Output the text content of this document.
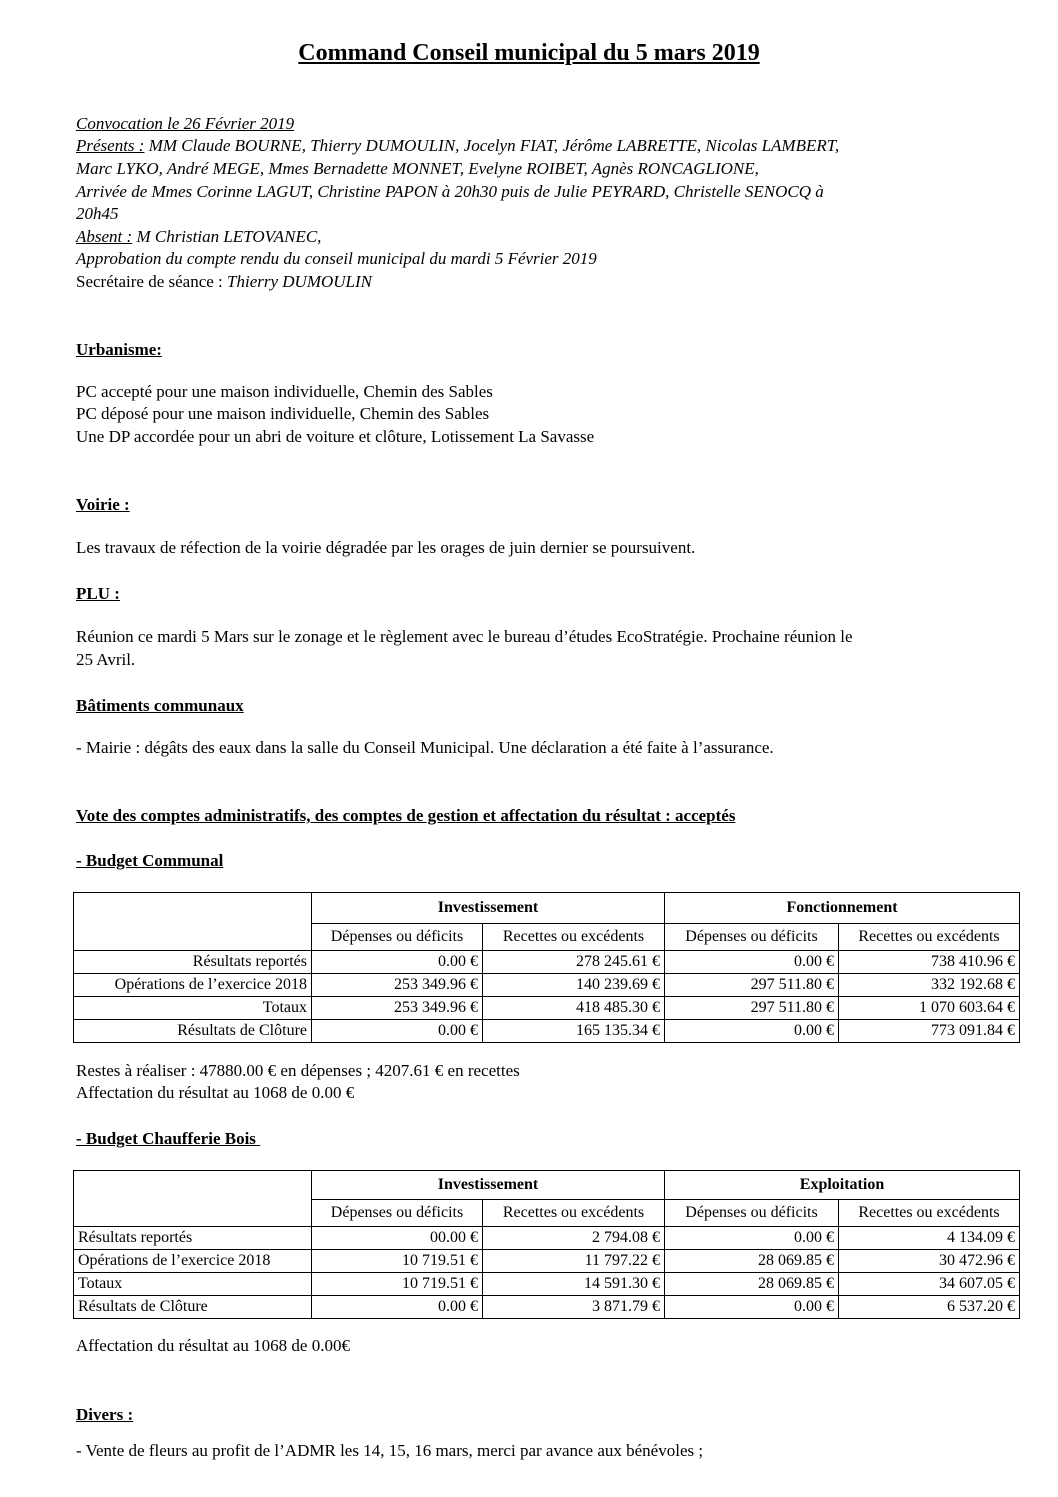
Command Conseil municipal du 5 mars 2019
Convocation le 26 Février 2019
Présents : MM Claude BOURNE, Thierry DUMOULIN, Jocelyn FIAT, Jérôme LABRETTE, Nicolas LAMBERT,
Marc LYKO, André MEGE, Mmes Bernadette MONNET, Evelyne ROIBET, Agnès RONCAGLIONE,
Arrivée de Mmes Corinne LAGUT, Christine PAPON à 20h30 puis de Julie PEYRARD, Christelle SENOCQ à
20h45
Absent : M Christian LETOVANEC,
Approbation du compte rendu du conseil municipal du mardi 5 Février 2019
Secrétaire de séance : Thierry DUMOULIN
Urbanisme:
PC accepté pour une maison individuelle, Chemin des Sables
PC déposé pour une maison individuelle, Chemin des Sables
Une DP accordée pour un abri de voiture et clôture, Lotissement La Savasse
Voirie :
Les travaux de réfection de la voirie dégradée par les orages de juin dernier se poursuivent.
PLU :
Réunion ce mardi 5 Mars sur le zonage et le règlement avec le bureau d’études EcoStratégie. Prochaine réunion le
25 Avril.
Bâtiments communaux
- Mairie : dégâts des eaux dans la salle du Conseil Municipal. Une déclaration a été faite à l’assurance.
Vote des comptes administratifs, des comptes de gestion et affectation du résultat : acceptés
- Budget Communal
	Investissement		Fonctionnement	
	Dépenses ou déficits	Recettes ou excédents	Dépenses ou déficits	Recettes ou excédents
Résultats reportés	0.00 €	278 245.61 €	0.00 €	738 410.96 €
Opérations de l’exercice 2018	253 349.96 €	140 239.69 €	297 511.80 €	332 192.68 €
Totaux	253 349.96 €	418 485.30 €	297 511.80 €	1 070 603.64 €
Résultats de Clôture	0.00 €	165 135.34 €	0.00 €	773 091.84 €
Restes à réaliser : 47880.00 € en dépenses ; 4207.61 € en recettes
Affectation du résultat au 1068 de 0.00 €
- Budget Chaufferie Bois
	Investissement		Exploitation	
	Dépenses ou déficits	Recettes ou excédents	Dépenses ou déficits	Recettes ou excédents
Résultats reportés	00.00 €	2 794.08 €	0.00 €	4 134.09 €
Opérations de l’exercice 2018	10 719.51 €	11 797.22 €	28 069.85 €	30 472.96 €
Totaux	10 719.51 €	14 591.30 €	28 069.85 €	34 607.05 €
Résultats de Clôture	0.00 €	3 871.79 €	0.00 €	6 537.20 €
Affectation du résultat au 1068 de 0.00€
Divers :
- Vente de fleurs au profit de l’ADMR les 14, 15, 16 mars, merci par avance aux bénévoles ;
